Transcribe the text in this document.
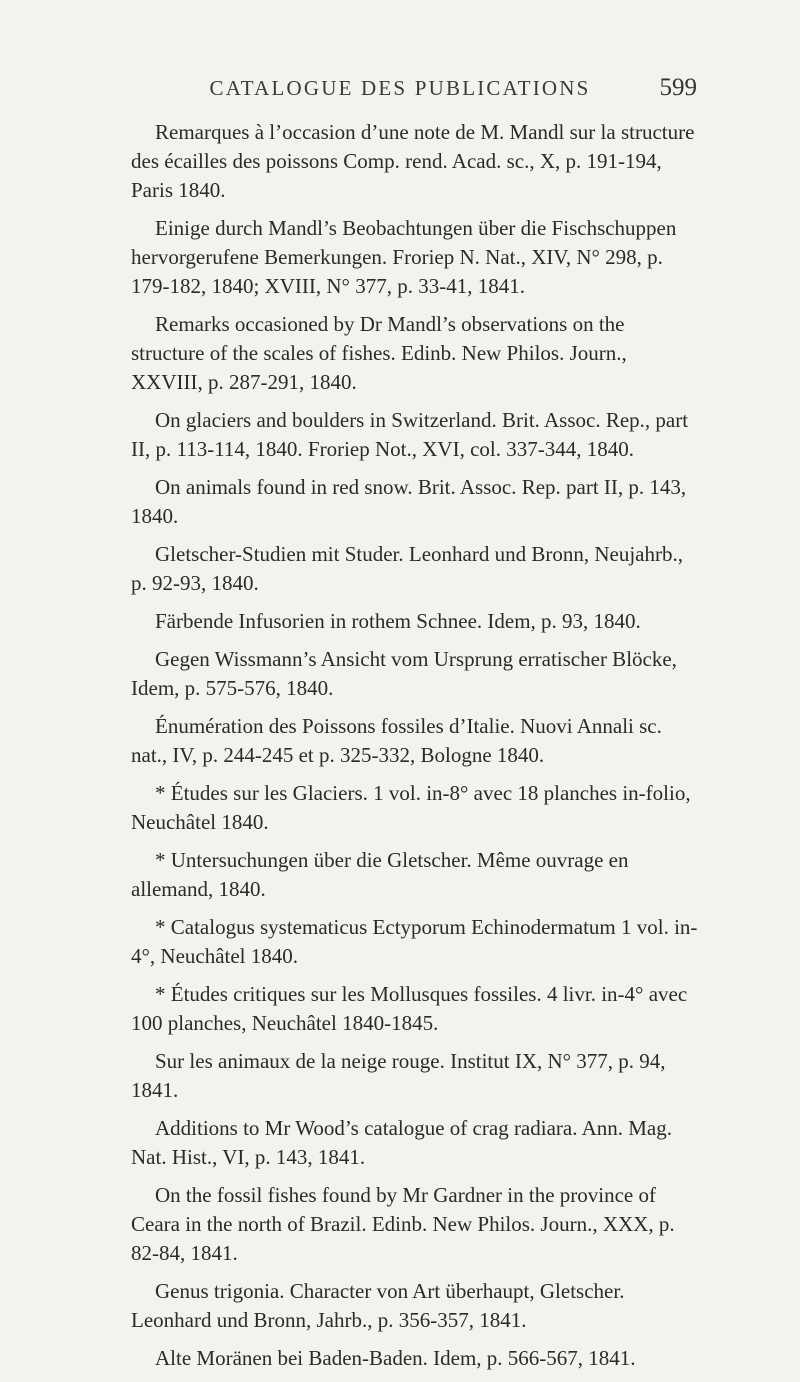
CATALOGUE DES PUBLICATIONS	599

Remarques à l’occasion d’une note de M. Mandl sur la structure des écailles des poissons Comp. rend. Acad. sc., X, p. 191-194, Paris 1840.

Einige durch Mandl’s Beobachtungen über die Fischschuppen hervorgerufene Bemerkungen. Froriep N. Nat., XIV, N° 298, p. 179-182, 1840; XVIII, N° 377, p. 33-41, 1841.

Remarks occasioned by Dr Mandl’s observations on the structure of the scales of fishes. Edinb. New Philos. Journ., XXVIII, p. 287-291, 1840.

On glaciers and boulders in Switzerland. Brit. Assoc. Rep., part II, p. 113-114, 1840. Froriep Not., XVI, col. 337-344, 1840.

On animals found in red snow. Brit. Assoc. Rep. part II, p. 143, 1840.

Gletscher-Studien mit Studer. Leonhard und Bronn, Neujahrb., p. 92-93, 1840.

Färbende Infusorien in rothem Schnee. Idem, p. 93, 1840.

Gegen Wissmann’s Ansicht vom Ursprung erratischer Blöcke, Idem, p. 575-576, 1840.

Énumération des Poissons fossiles d’Italie. Nuovi Annali sc. nat., IV, p. 244-245 et p. 325-332, Bologne 1840.

* Études sur les Glaciers. 1 vol. in-8° avec 18 planches in-folio, Neuchâtel 1840.

* Untersuchungen über die Gletscher. Même ouvrage en allemand, 1840.

* Catalogus systematicus Ectyporum Echinodermatum 1 vol. in-4°, Neuchâtel 1840.

* Études critiques sur les Mollusques fossiles. 4 livr. in-4° avec 100 planches, Neuchâtel 1840-1845.

Sur les animaux de la neige rouge. Institut IX, N° 377, p. 94, 1841.

Additions to Mr Wood’s catalogue of crag radiara. Ann. Mag. Nat. Hist., VI, p. 143, 1841.

On the fossil fishes found by Mr Gardner in the province of Ceara in the north of Brazil. Edinb. New Philos. Journ., XXX, p. 82-84, 1841.

Genus trigonia. Character von Art überhaupt, Gletscher. Leonhard und Bronn, Jahrb., p. 356-357, 1841.

Alte Moränen bei Baden-Baden. Idem, p. 566-567, 1841.
